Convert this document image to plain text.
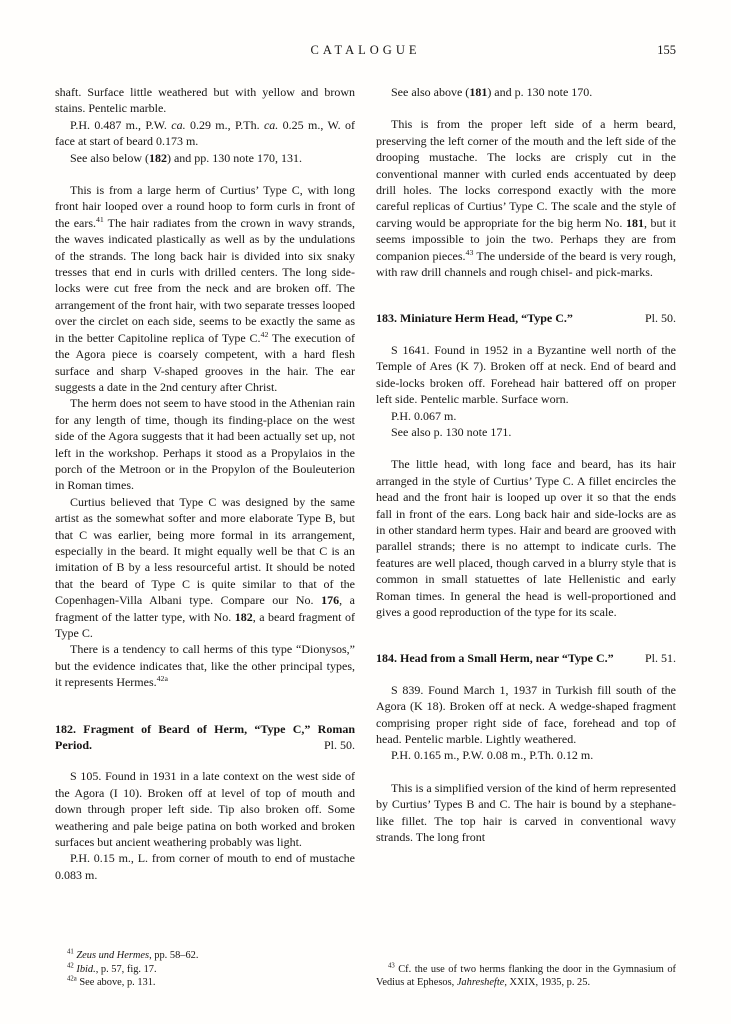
CATALOGUE	155

shaft. Surface little weathered but with yellow and brown stains. Pentelic marble.

P.H. 0.487 m., P.W. ca. 0.29 m., P.Th. ca. 0.25 m., W. of face at start of beard 0.173 m.

See also below (182) and pp. 130 note 170, 131.

This is from a large herm of Curtius’ Type C, with long front hair looped over a round hoop to form curls in front of the ears.$^{41}$ The hair radiates from the crown in wavy strands, the waves indicated plastically as well as by the undulations of the strands. The long back hair is divided into six snaky tresses that end in curls with drilled centers. The long side-locks were cut free from the neck and are broken off. The arrangement of the front hair, with two separate tresses looped over the circlet on each side, seems to be exactly the same as in the better Capitoline replica of Type C.$^{42}$ The execution of the Agora piece is coarsely competent, with a hard flesh surface and sharp V-shaped grooves in the hair. The ear suggests a date in the 2nd century after Christ.

The herm does not seem to have stood in the Athenian rain for any length of time, though its finding-place on the west side of the Agora suggests that it had been actually set up, not left in the workshop. Perhaps it stood as a Propylaios in the porch of the Metroon or in the Propylon of the Bouleuterion in Roman times.

Curtius believed that Type C was designed by the same artist as the somewhat softer and more elaborate Type B, but that C was earlier, being more formal in its arrangement, especially in the beard. It might equally well be that C is an imitation of B by a less resourceful artist. It should be noted that the beard of Type C is quite similar to that of the Copenhagen-Villa Albani type. Compare our No. 176, a fragment of the latter type, with No. 182, a beard fragment of Type C.

There is a tendency to call herms of this type “Dionysos,” but the evidence indicates that, like the other principal types, it represents Hermes.$^{42a}$

182. Fragment of Beard of Herm, “Type C,” Roman Period.	Pl. 50.

S 105. Found in 1931 in a late context on the west side of the Agora (I 10). Broken off at level of top of mouth and down through proper left side. Tip also broken off. Some weathering and pale beige patina on both worked and broken surfaces but ancient weathering probably was light.

P.H. 0.15 m., L. from corner of mouth to end of mustache 0.083 m.

$^{41}$ Zeus und Hermes, pp. 58–62.

$^{42}$ Ibid., p. 57, fig. 17.

$^{42a}$ See above, p. 131.

See also above (181) and p. 130 note 170.

This is from the proper left side of a herm beard, preserving the left corner of the mouth and the left side of the drooping mustache. The locks are crisply cut in the conventional manner with curled ends accentuated by deep drill holes. The locks correspond exactly with the more careful replicas of Curtius’ Type C. The scale and the style of carving would be appropriate for the big herm No. 181, but it seems impossible to join the two. Perhaps they are from companion pieces.$^{43}$ The underside of the beard is very rough, with raw drill channels and rough chisel- and pick-marks.

183. Miniature Herm Head, “Type C.”	Pl. 50.

S 1641. Found in 1952 in a Byzantine well north of the Temple of Ares (K 7). Broken off at neck. End of beard and side-locks broken off. Forehead hair battered off on proper left side. Pentelic marble. Surface worn.

P.H. 0.067 m.

See also p. 130 note 171.

The little head, with long face and beard, has its hair arranged in the style of Curtius’ Type C. A fillet encircles the head and the front hair is looped up over it so that the ends fall in front of the ears. Long back hair and side-locks are as in other standard herm types. Hair and beard are grooved with parallel strands; there is no attempt to indicate curls. The features are well placed, though carved in a blurry style that is common in small statuettes of late Hellenistic and early Roman times. In general the head is well-proportioned and gives a good reproduction of the type for its scale.

184. Head from a Small Herm, near “Type C.”	Pl. 51.

S 839. Found March 1, 1937 in Turkish fill south of the Agora (K 18). Broken off at neck. A wedge-shaped fragment comprising proper right side of face, forehead and top of head. Pentelic marble. Lightly weathered.

P.H. 0.165 m., P.W. 0.08 m., P.Th. 0.12 m.

This is a simplified version of the kind of herm represented by Curtius’ Types B and C. The hair is bound by a stephane-like fillet. The top hair is carved in conventional wavy strands. The long front

$^{43}$ Cf. the use of two herms flanking the door in the Gymnasium of Vedius at Ephesos, Jahreshefte, XXIX, 1935, p. 25.
